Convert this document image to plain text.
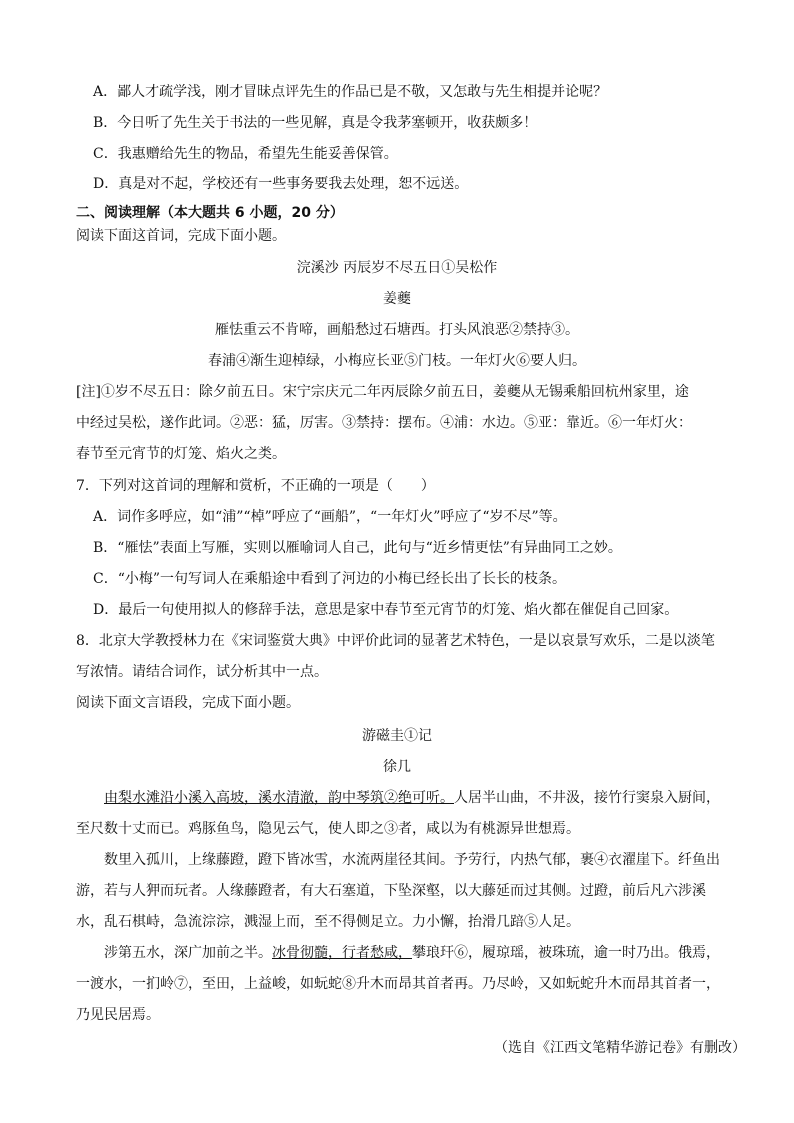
A．鄙人才疏学浅，刚才冒昧点评先生的作品已是不敬，又怎敢与先生相提并论呢？
B．今日听了先生关于书法的一些见解，真是令我茅塞顿开，收获颇多！
C．我惠赠给先生的物品，希望先生能妥善保管。
D．真是对不起，学校还有一些事务要我去处理，恕不远送。
二、阅读理解（本大题共 6 小题，20 分）
阅读下面这首词，完成下面小题。
浣溪沙 丙辰岁不尽五日①吴松作
姜夔
雁怯重云不肯啼，画船愁过石塘西。打头风浪恶②禁持③。
春浦④渐生迎棹绿，小梅应长亚⑤门枝。一年灯火⑥要人归。
[注]①岁不尽五日：除夕前五日。宋宁宗庆元二年丙辰除夕前五日，姜夔从无锡乘船回杭州家里，途
中经过吴松，遂作此词。②恶：猛，厉害。③禁持：摆布。④浦：水边。⑤亚：靠近。⑥一年灯火：
春节至元宵节的灯笼、焰火之类。
7．下列对这首词的理解和赏析，不正确的一项是（　　）
A．词作多呼应，如“浦”“棹”呼应了“画船”，“一年灯火”呼应了“岁不尽”等。
B．“雁怯”表面上写雁，实则以雁喻词人自己，此句与“近乡情更怯”有异曲同工之妙。
C．“小梅”一句写词人在乘船途中看到了河边的小梅已经长出了长长的枝条。
D．最后一句使用拟人的修辞手法，意思是家中春节至元宵节的灯笼、焰火都在催促自己回家。
8．北京大学教授林力在《宋词鉴赏大典》中评价此词的显著艺术特色，一是以哀景写欢乐，二是以淡笔
写浓情。请结合词作，试分析其中一点。
阅读下面文言语段，完成下面小题。
游磁圭①记
徐几
由梨水滩沿小溪入高坡，溪水清澈，韵中琴筑②绝可听。人居半山曲，不井汲，接竹行窦泉入厨间，
至尺数十丈而已。鸡豚鱼鸟，隐见云气，使人即之③者，咸以为有桃源异世想焉。
数里入孤川，上缘藤蹬，蹬下皆冰雪，水流两崖径其间。予劳行，内热气郁，裹④衣濯崖下。纤鱼出
游，若与人狎而玩者。人缘藤蹬者，有大石塞道，下坠深壑，以大藤延而过其侧。过蹬，前后凡六涉溪
水，乱石棋峙，急流淙淙，溅湿上而，至不得侧足立。力小懈，抬滑几踣⑤人足。
涉第五水，深广加前之半。冰骨彻髓，行者愁咸，攀琅玕⑥，履琼瑶，被珠琉，逾一时乃出。俄焉，
一渡水，一扪岭⑦，至田，上益峻，如蚖蛇⑧升木而昂其首者再。乃尽岭，又如蚖蛇升木而昂其首者一，
乃见民居焉。
（选自《江西文笔精华游记卷》有删改）
